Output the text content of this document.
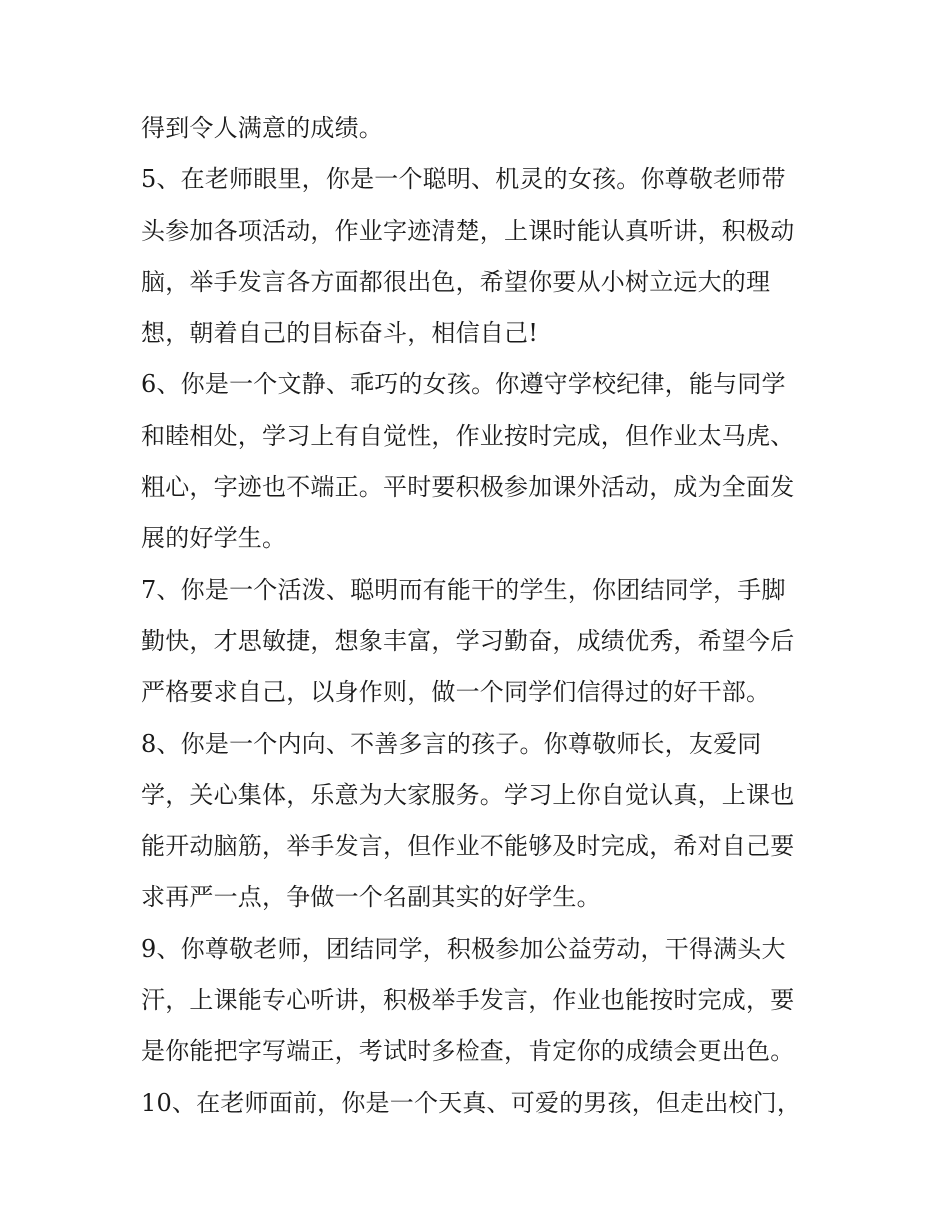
得到令人满意的成绩。
5、在老师眼里，你是一个聪明、机灵的女孩。你尊敬老师带
头参加各项活动，作业字迹清楚，上课时能认真听讲，积极动
脑，举手发言各方面都很出色，希望你要从小树立远大的理
想，朝着自己的目标奋斗，相信自己!
6、你是一个文静、乖巧的女孩。你遵守学校纪律，能与同学
和睦相处，学习上有自觉性，作业按时完成，但作业太马虎、
粗心，字迹也不端正。平时要积极参加课外活动，成为全面发
展的好学生。
7、你是一个活泼、聪明而有能干的学生，你团结同学，手脚
勤快，才思敏捷，想象丰富，学习勤奋，成绩优秀，希望今后
严格要求自己，以身作则，做一个同学们信得过的好干部。
8、你是一个内向、不善多言的孩子。你尊敬师长，友爱同
学，关心集体，乐意为大家服务。学习上你自觉认真，上课也
能开动脑筋，举手发言，但作业不能够及时完成，希对自己要
求再严一点，争做一个名副其实的好学生。
9、你尊敬老师，团结同学，积极参加公益劳动，干得满头大
汗，上课能专心听讲，积极举手发言，作业也能按时完成，要
是你能把字写端正，考试时多检查，肯定你的成绩会更出色。
10、在老师面前，你是一个天真、可爱的男孩，但走出校门，
